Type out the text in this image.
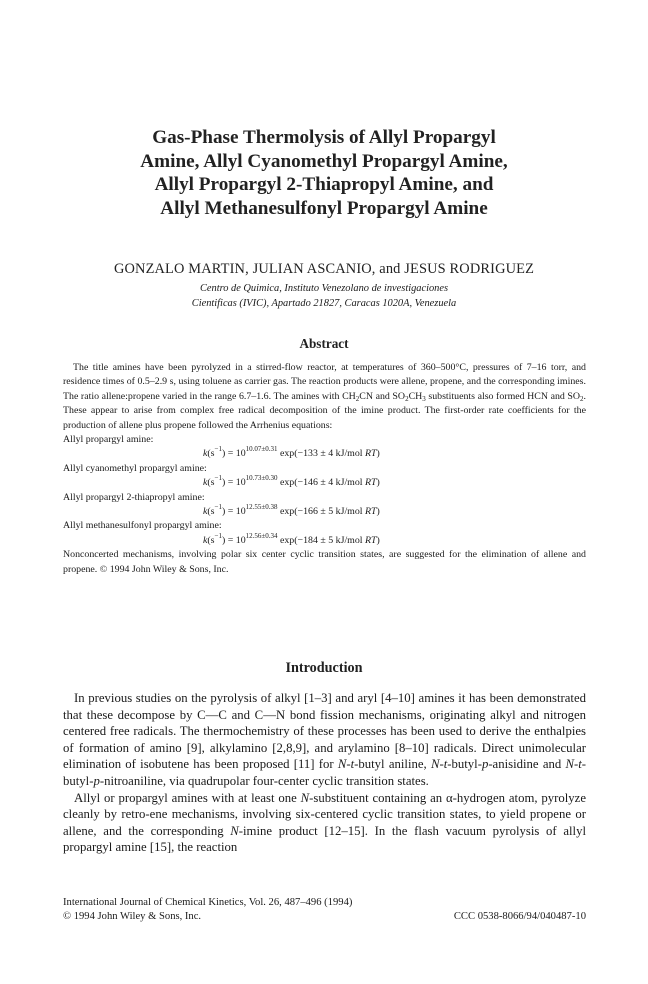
Gas-Phase Thermolysis of Allyl Propargyl
Amine, Allyl Cyanomethyl Propargyl Amine,
Allyl Propargyl 2-Thiapropyl Amine, and
Allyl Methanesulfonyl Propargyl Amine
GONZALO MARTIN, JULIAN ASCANIO, and JESUS RODRIGUEZ
Centro de Quimica, Instituto Venezolano de investigaciones
Cientificas (IVIC), Apartado 21827, Caracas 1020A, Venezuela
Abstract

The title amines have been pyrolyzed in a stirred-flow reactor, at temperatures of 360–500°C, pressures of 7–16 torr, and residence times of 0.5–2.9 s, using toluene as carrier gas. The reaction products were allene, propene, and the corresponding imines. The ratio allene:propene varied in the range 6.7–1.6. The amines with $CH_2CN$ and $SO_2CH_3$ substituents also formed HCN and $SO_2$. These appear to arise from complex free radical decomposition of the imine product. The first-order rate coefficients for the production of allene plus propene followed the Arrhenius equations:

Allyl propargyl amine:

$k(s^{-1}) = 10^{10.07\pm 0.31}$ exp(−133 ± 4 kJ/mol RT)

Allyl cyanomethyl propargyl amine:

$k(s^{-1}) = 10^{10.73\pm 0.30}$ exp(−146 ± 4 kJ/mol RT)

Allyl propargyl 2-thiapropyl amine:

$k(s^{-1}) = 10^{12.55\pm 0.38}$ exp(−166 ± 5 kJ/mol RT)

Allyl methanesulfonyl propargyl amine:

$k(s^{-1}) = 10^{12.56\pm 0.34}$ exp(−184 ± 5 kJ/mol RT)

Nonconcerted mechanisms, involving polar six center cyclic transition states, are suggested for the elimination of allene and propene. © 1994 John Wiley & Sons, Inc.

Introduction

In previous studies on the pyrolysis of alkyl [1–3] and aryl [4–10] amines it has been demonstrated that these decompose by C—C and C—N bond fission mechanisms, originating alkyl and nitrogen centered free radicals. The thermochemistry of these processes has been used to derive the enthalpies of formation of amino [9], alkylamino [2,8,9], and arylamino [8–10] radicals. Direct unimolecular elimination of isobutene has been proposed [11] for N-t-butyl aniline, N-t-butyl-p-anisidine and N-t-butyl-p-nitroaniline, via quadrupolar four-center cyclic transition states.

Allyl or propargyl amines with at least one N-substituent containing an α-hydrogen atom, pyrolyze cleanly by retro-ene mechanisms, involving six-centered cyclic transition states, to yield propene or allene, and the corresponding N-imine product [12–15]. In the flash vacuum pyrolysis of allyl propargyl amine [15], the reaction

International Journal of Chemical Kinetics, Vol. 26, 487–496 (1994)
© 1994 John Wiley & Sons, Inc.	CCC 0538-8066/94/040487-10
